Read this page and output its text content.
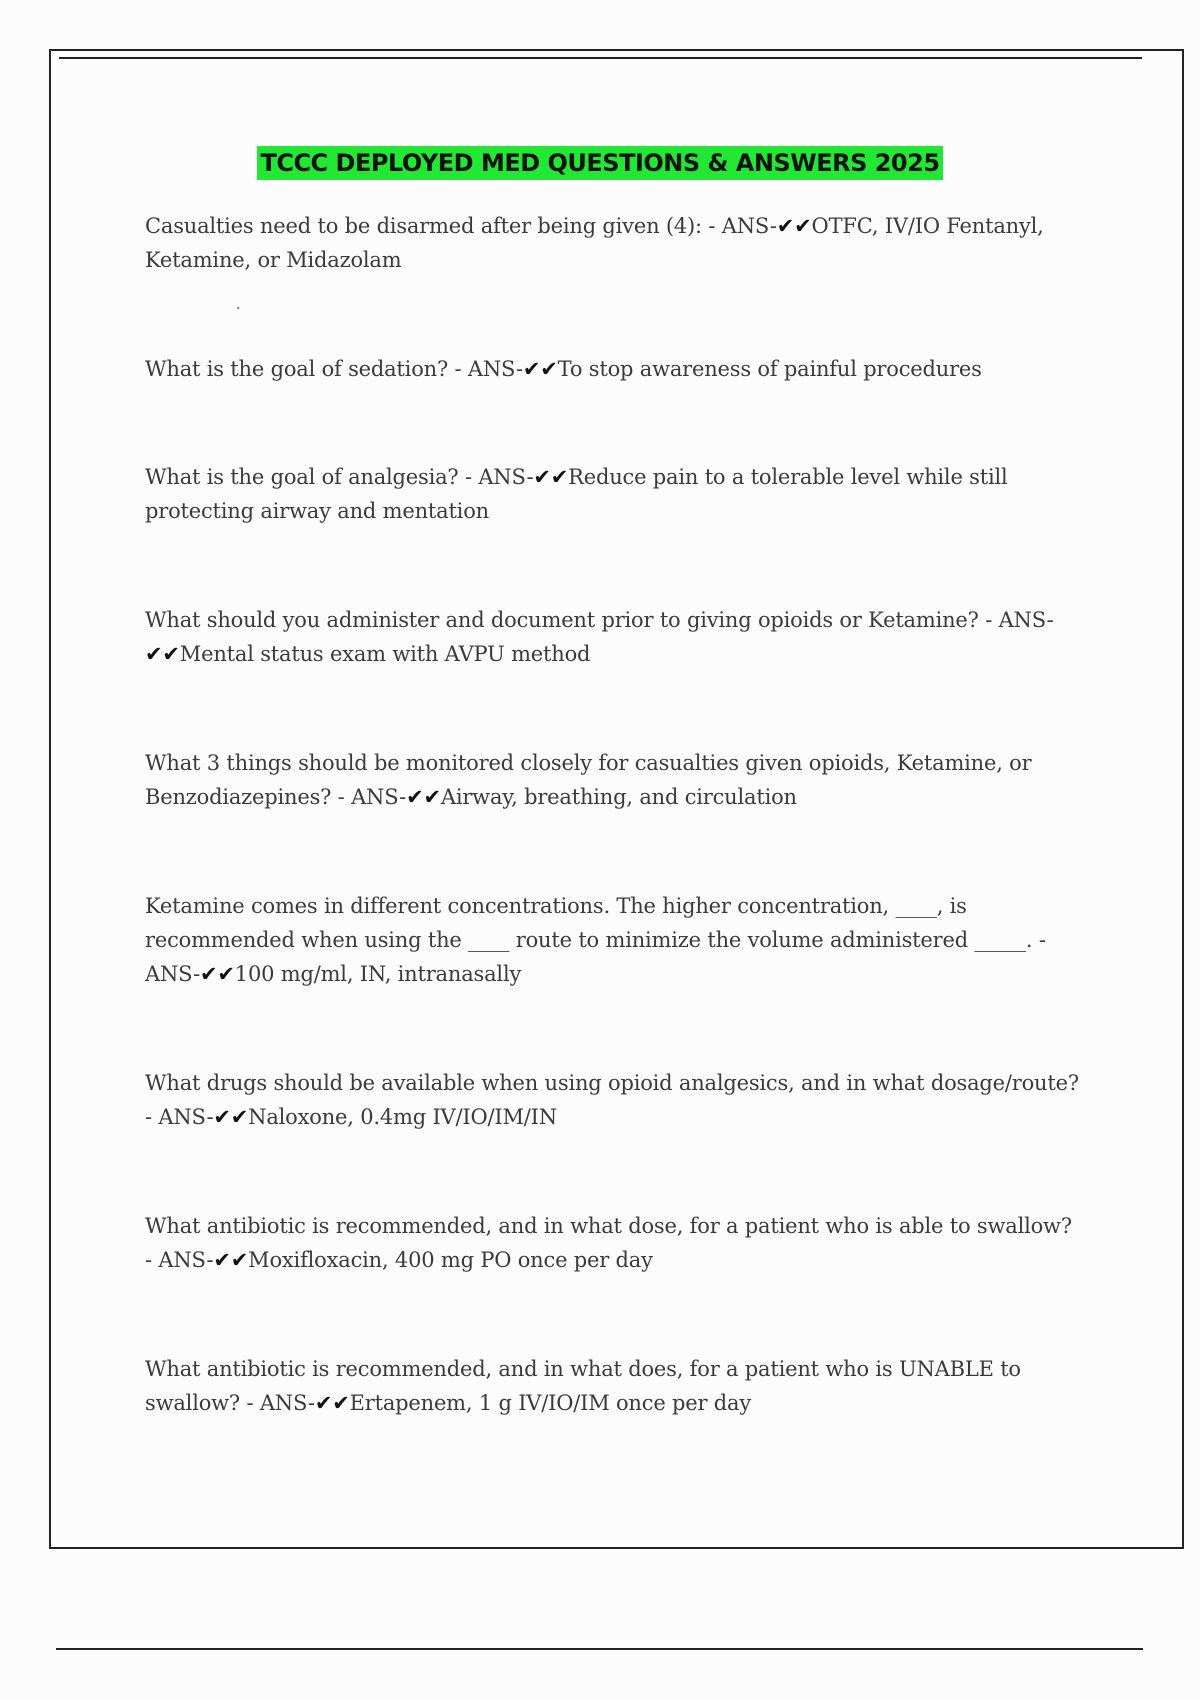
TCCC DEPLOYED MED QUESTIONS & ANSWERS 2025
.
Casualties need to be disarmed after being given (4): - ANS-✔✔OTFC, IV/IO Fentanyl, Ketamine, or Midazolam
What is the goal of sedation? - ANS-✔✔To stop awareness of painful procedures
What is the goal of analgesia? - ANS-✔✔Reduce pain to a tolerable level while still protecting airway and mentation
What should you administer and document prior to giving opioids or Ketamine? - ANS-✔✔Mental status exam with AVPU method
What 3 things should be monitored closely for casualties given opioids, Ketamine, or Benzodiazepines? - ANS-✔✔Airway, breathing, and circulation
Ketamine comes in different concentrations. The higher concentration, ____, is recommended when using the ____ route to minimize the volume administered _____. - ANS-✔✔100 mg/ml, IN, intranasally
What drugs should be available when using opioid analgesics, and in what dosage/route? - ANS-✔✔Naloxone, 0.4mg IV/IO/IM/IN
What antibiotic is recommended, and in what dose, for a patient who is able to swallow? - ANS-✔✔Moxifloxacin, 400 mg PO once per day
What antibiotic is recommended, and in what does, for a patient who is UNABLE to swallow? - ANS-✔✔Ertapenem, 1 g IV/IO/IM once per day
